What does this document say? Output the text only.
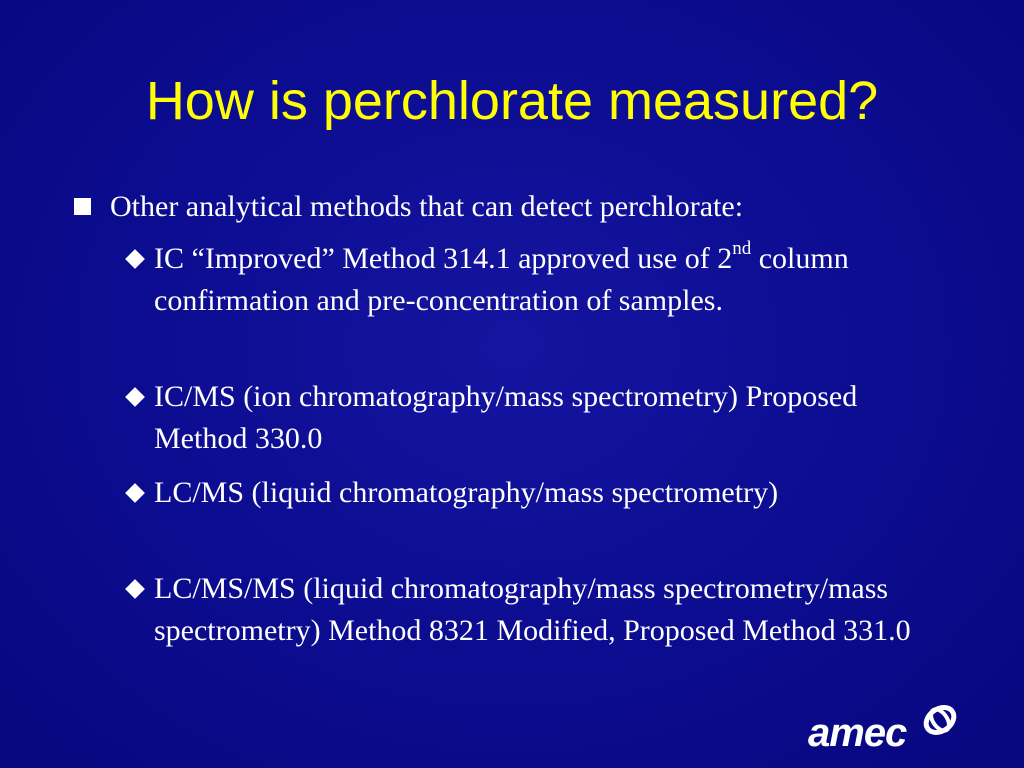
How is perchlorate measured?
Other analytical methods that can detect perchlorate:
IC “Improved” Method 314.1 approved use of 2nd column confirmation and pre-concentration of samples.
IC/MS (ion chromatography/mass spectrometry) Proposed Method 330.0
LC/MS (liquid chromatography/mass spectrometry)
LC/MS/MS (liquid chromatography/mass spectrometry/mass spectrometry) Method 8321 Modified, Proposed Method 331.0
amec
